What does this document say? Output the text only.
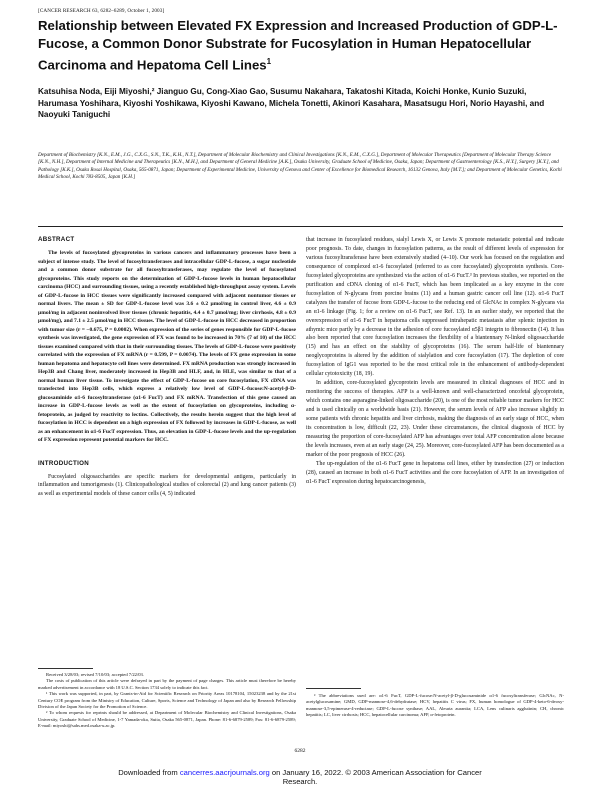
[CANCER RESEARCH 63, 6282–6289, October 1, 2003]
Relationship between Elevated FX Expression and Increased Production of GDP-L-Fucose, a Common Donor Substrate for Fucosylation in Human Hepatocellular Carcinoma and Hepatoma Cell Lines$^1$

Katsuhisa Noda, Eiji Miyoshi,² Jianguo Gu, Cong-Xiao Gao, Susumu Nakahara, Takatoshi Kitada, Koichi Honke, Kunio Suzuki, Harumasa Yoshihara, Kiyoshi Yoshikawa, Kiyoshi Kawano, Michela Tonetti, Akinori Kasahara, Masatsugu Hori, Norio Hayashi, and Naoyuki Taniguchi

Department of Biochemistry [K.N., E.M., J.G., C.X.G., S.N., T.K., K.H., N.T.], Department of Molecular Biochemistry and Clinical Investigations [K.N., E.M., C.X.G.], Department of Molecular Therapeutics [Department of Molecular Therapy Science [K.N., N.H.], Department of Internal Medicine and Therapeutics [K.N., M.H.], and Department of General Medicine [A.K.], Osaka University, Graduate School of Medicine, Osaka, Japan; Department of Gastroenterology [K.S., H.Y.], Surgery [K.Y.], and Pathology [K.K.], Osaka Rosai Hospital, Osaka, 565-0871, Japan; Department of Experimental Medicine, University of Genova and Center of Excellence for Biomedical Research, 16132 Genova, Italy [M.T.]; and Department of Molecular Genetics, Kochi Medical School, Kochi 783-8505, Japan [K.H.]

ABSTRACT

The levels of fucosylated glycoproteins in various cancers and inflammatory processes have been a subject of intense study. The level of fucosyltransferases and intracellular GDP-L-fucose, a sugar nucleotide and a common donor substrate for all fucosyltransferases, may regulate the level of fucosylated glycoproteins. This study reports on the determination of GDP-L-fucose levels in human hepatocellular carcinoma (HCC) and surrounding tissues, using a recently established high-throughput assay system. Levels of GDP-L-fucose in HCC tissues were significantly increased compared with adjacent nontumor tissues or normal livers. The mean ± SD for GDP-L-fucose level was 3.6 ± 0.2 µmol/mg in control liver, 4.6 ± 0.9 µmol/mg in adjacent noninvolved liver tissues (chronic hepatitis, 4.4 ± 0.7 µmol/mg; liver cirrhosis, 4.8 ± 0.9 µmol/mg), and 7.1 ± 2.5 µmol/mg in HCC tissues. The level of GDP-L-fucose in HCC decreased in proportion with tumor size (r = −0.675, P = 0.0002). When expression of the series of genes responsible for GDP-L-fucose synthesis was investigated, the gene expression of FX was found to be increased in 70% (7 of 10) of the HCC tissues examined compared with that in their surrounding tissues. The levels of GDP-L-fucose were positively correlated with the expression of FX mRNA (r = 0.599, P = 0.0074). The levels of FX gene expression in some human hepatoma and hepatocyte cell lines were determined. FX mRNA production was strongly increased in Hep3B and Chang liver, moderately increased in Hep3B and HLF, and, in HLE, was similar to that of a normal human liver tissue. To investigate the effect of GDP-L-fucose on core fucosylation, FX cDNA was transfected into Hep3B cells, which express a relatively low level of GDP-L-fucose:N-acetyl-β-D-glucosaminide α1-6 fucosyltransferase (α1-6 FucT) and FX mRNA. Transfection of this gene caused an increase in GDP-L-fucose levels as well as the extent of fucosylation on glycoproteins, including α-fetoprotein, as judged by reactivity to lectins. Collectively, the results herein suggest that the high level of fucosylation in HCC is dependent on a high expression of FX followed by increases in GDP-L-fucose, as well as an enhancement in α1-6 FucT expression. Thus, an elevation in GDP-L-fucose levels and the up-regulation of FX expression represent potential markers for HCC.

INTRODUCTION

Fucosylated oligosaccharides are specific markers for developmental antigens, particularly in inflammation and tumorigenesis (1). Clinicopathological studies of colorectal (2) and lung cancer patients (3) as well as experimental models of these cancer cells (4, 5) indicated

that increase in fucosylated residues, sialyl Lewis X, or Lewis X promote metastatic potential and indicate poor prognosis. To date, changes in fucosylation patterns, as the result of different levels of expression for various fucosyltransferase have been extensively studied (4–10). Our work has focused on the regulation and consequence of complexed α1-6 fucosylated (referred to as core fucosylated) glycoprotein synthesis. Core-fucosylated glycoproteins are synthesized via the action of α1-6 FucT.³ In previous studies, we reported on the purification and cDNA cloning of α1-6 FucT, which has been implicated as a key enzyme in the core fucosylation of N-glycans from porcine brains (11) and a human gastric cancer cell line (12). α1-6 FucT catalyzes the transfer of fucose from GDP-L-fucose to the reducing end of GlcNAc in complex N-glycans via an α1-6 linkage (Fig. 1; for a review on α1-6 FucT, see Ref. 13). In an earlier study, we reported that the overexpression of α1-6 FucT in hepatoma cells suppressed intrahepatic metastasis after splenic injection in athymic mice partly by a decrease in the adhesion of core fucosylated α5β1 integrin to fibronectin (14). It has also been reported that core fucosylation increases the flexibility of a biantennary N-linked oligosaccharide (15) and has an effect on the stability of glycoproteins (16). The serum half-life of biantennary neoglycoproteins is altered by the addition of sialylation and core fucosylation (17). The depletion of core fucosylation of IgG1 was reported to be the most critical role in the enhancement of antibody-dependent cellular cytotoxicity (18, 19).

In addition, core-fucosylated glycoprotein levels are measured in clinical diagnoses of HCC and in monitoring the success of therapies. AFP is a well-known and well-characterized oncofetal glycoprotein, which contains one asparagine-linked oligosaccharide (20), is one of the most reliable tumor markers for HCC and is used clinically on a worldwide basis (21). However, the serum levels of AFP also increase slightly in some patients with chronic hepatitis and liver cirrhosis, making the diagnosis of an early stage of HCC, when its concentration is low, difficult (22, 23). Under these circumstances, the clinical diagnosis of HCC by measuring the proportion of core-fucosylated AFP has advantages over total AFP concentration alone because the levels increases, even at an early stage (24, 25). Moreover, core-fucosylated AFP has been documented as a marker of the poor prognosis of HCC (26).

The up-regulation of the α1-6 FucT gene in hepatoma cell lines, either by transfection (27) or induction (28), caused an increase in both α1-6 FucT activities and the core fucosylation of AFP. In an investigation of α1-6 FucT expression during hepatocarcinogenesis,

Received 3/28/03; revised 7/10/03; accepted 7/22/03.

The costs of publication of this article were defrayed in part by the payment of page charges. This article must therefore be hereby marked advertisement in accordance with 18 U.S.C. Section 1734 solely to indicate this fact.

¹ This work was supported, in part, by Grants-in-Aid for Scientific Research on Priority Areas 10178104, 15023238 and by the 21st Century COE program from the Ministry of Education, Culture, Sports, Science and Technology of Japan and also by Research Fellowship Division of the Japan Society for the Promotion of Science.

² To whom requests for reprints should be addressed, at Department of Molecular Biochemistry and Clinical Investigations, Osaka University, Graduate School of Medicine, 1-7 Yamada-oka, Suita, Osaka 565-0871, Japan. Phone: 81-6-6879-2589; Fax: 81-6-6879-2589; E-mail: miyoshi@sahs.med.osaka-u.ac.jp.

³ The abbreviations used are: α1-6 FucT, GDP-L-fucose:N-acetyl-β-D-glucosaminide α1-6 fucosyltransferase; GlcNAc, N-acetylglucosamine; GMD, GDP-mannose-4,6-dehydratase; HCV, hepatitis C virus; FX, human homologue of GDP-4-keto-6-deoxy-mannose-3,5-epimerase-4-reductase; GDP-L-fucose synthase; AAL, Aleuria aurantia; LCA, Lens culinaris agglutinin; CH, chronic hepatitis; LC, liver cirrhosis; HCC, hepatocellular carcinoma; AFP, α-fetoprotein.

6282
Downloaded from cancerres.aacrjournals.org on January 16, 2022. © 2003 American Association for Cancer
Research.
